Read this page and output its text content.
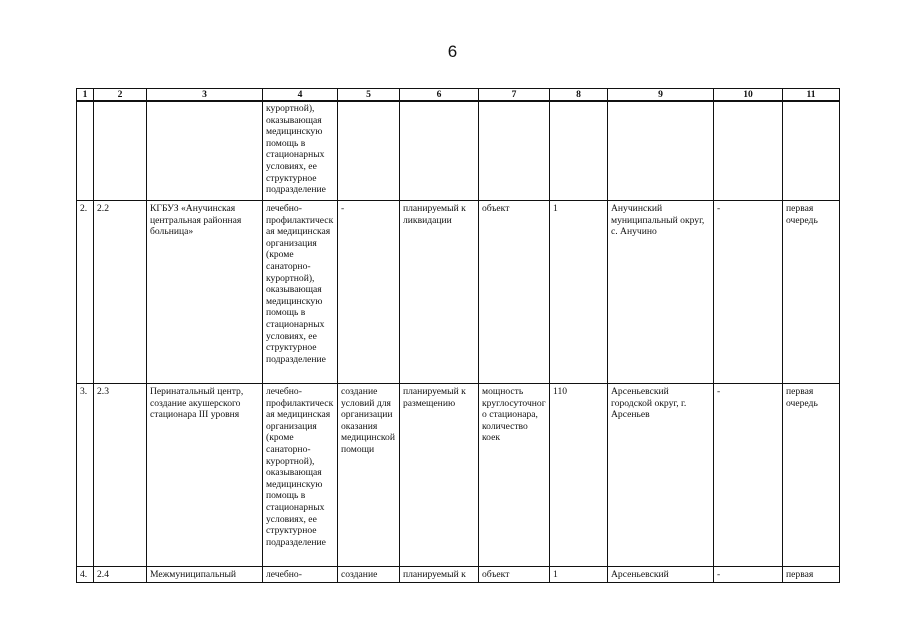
6
1	2	3	4	5	6	7	8	9	10	11
			курортной), оказывающая медицинскую помощь в стационарных условиях, ее структурное подразделение							
2.	2.2	КГБУЗ «Анучинская центральная районная больница»	лечебно-профилактическая медицинская организация (кроме санаторно-курортной), оказывающая медицинскую помощь в стационарных условиях, ее структурное подразделение	-	планируемый к ликвидации	объект	1	Анучинский муниципальный округ, с. Анучино	-	первая очередь
3.	2.3	Перинатальный центр, создание акушерского стационара III уровня	лечебно-профилактическая медицинская организация (кроме санаторно-курортной), оказывающая медицинскую помощь в стационарных условиях, ее структурное подразделение	создание условий для организации оказания медицинской помощи	планируемый к размещению	мощность круглосуточного стационара, количество коек	110	Арсеньевский городской округ, г. Арсеньев	-	первая очередь
4.	2.4	Межмуниципальный	лечебно-	создание	планируемый к	объект	1	Арсеньевский	-	первая
